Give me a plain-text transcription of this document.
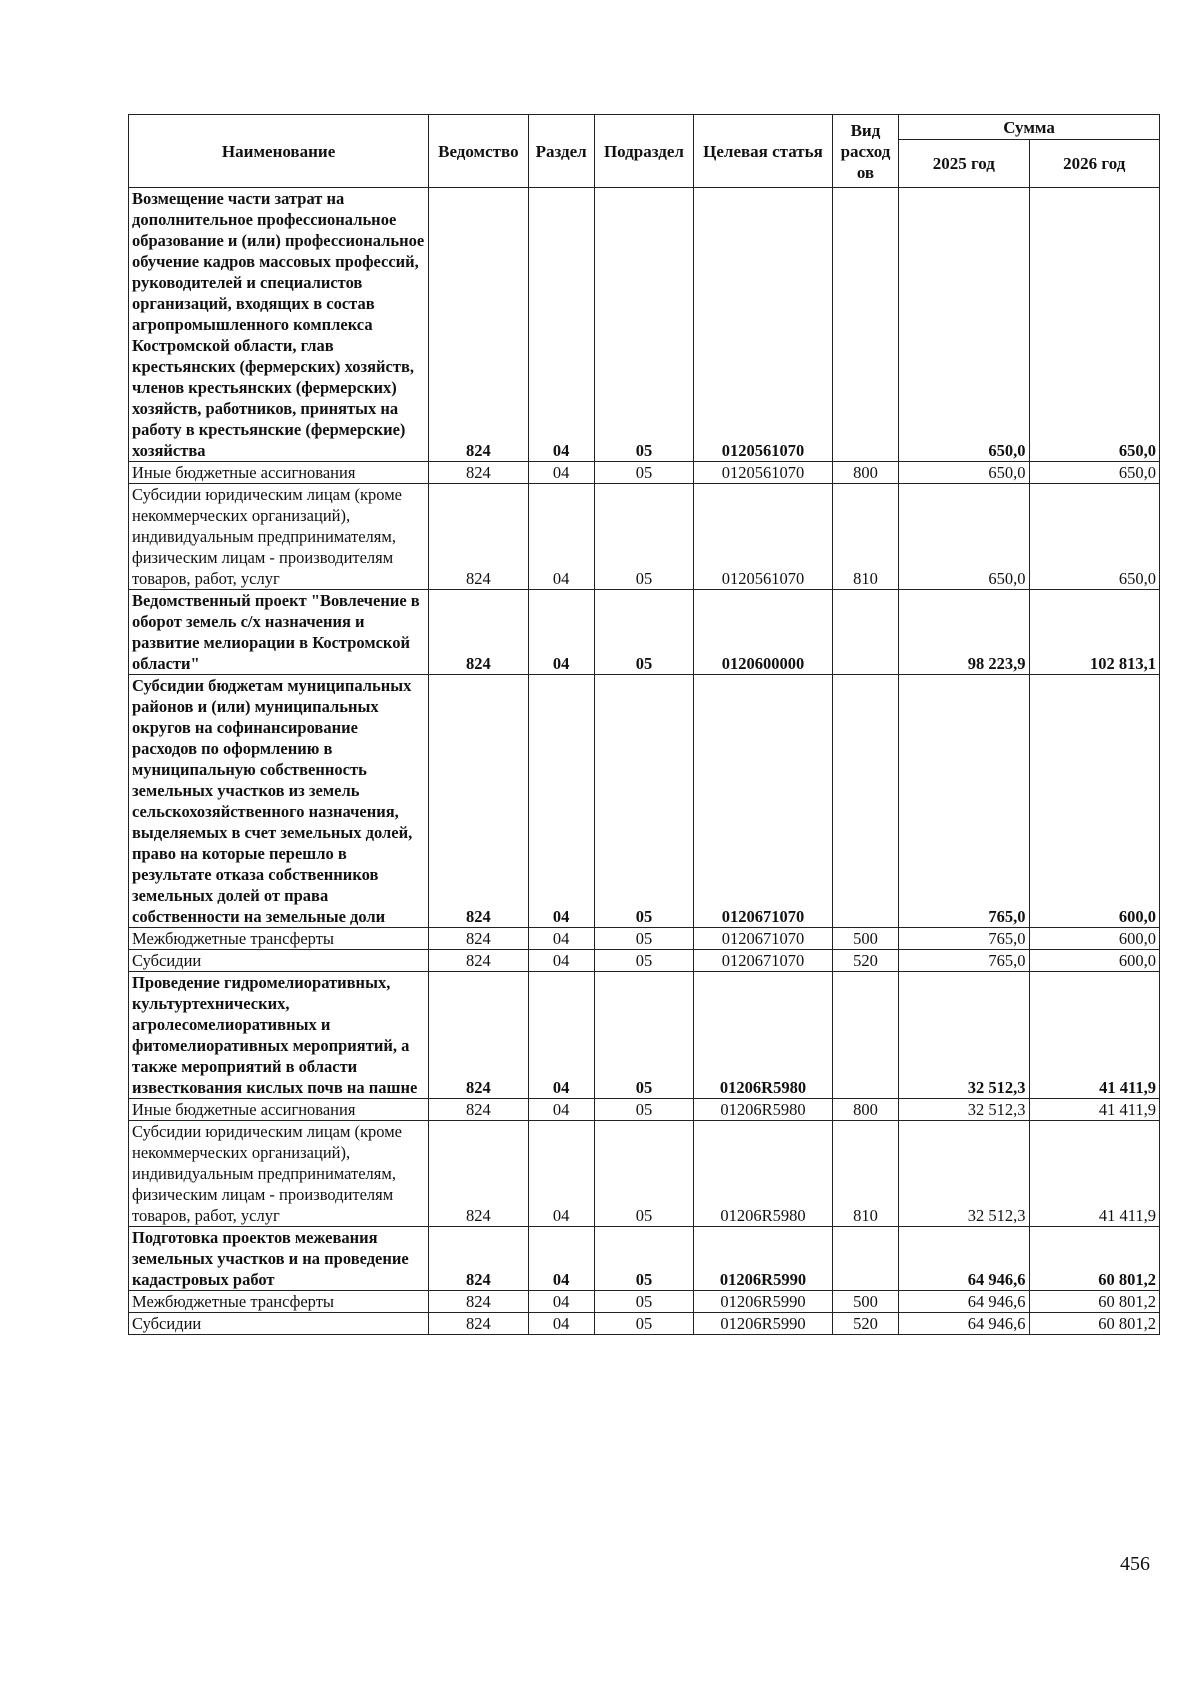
Наименование	Ведомство	Раздел	Подраздел	Целевая статья	Вид расход ов	Сумма	
						2025 год	2026 год
Возмещение части затрат на дополнительное профессиональное образование и (или) профессиональное обучение кадров массовых профессий, руководителей и специалистов организаций, входящих в состав агропромышленного комплекса Костромской области, глав крестьянских (фермерских) хозяйств, членов крестьянских (фермерских) хозяйств, работников, принятых на работу в крестьянские (фермерские) хозяйства	824	04	05	0120561070		650,0	650,0
Иные бюджетные ассигнования	824	04	05	0120561070	800	650,0	650,0
Субсидии юридическим лицам (кроме некоммерческих организаций), индивидуальным предпринимателям, физическим лицам - производителям товаров, работ, услуг	824	04	05	0120561070	810	650,0	650,0
Ведомственный проект "Вовлечение в оборот земель с/х назначения и развитие мелиорации в Костромской области"	824	04	05	0120600000		98 223,9	102 813,1
Субсидии бюджетам муниципальных районов и (или) муниципальных округов на софинансирование расходов по оформлению в муниципальную собственность земельных участков из земель сельскохозяйственного назначения, выделяемых в счет земельных долей, право на которые перешло в результате отказа собственников земельных долей от права собственности на земельные доли	824	04	05	0120671070		765,0	600,0
Межбюджетные трансферты	824	04	05	0120671070	500	765,0	600,0
Субсидии	824	04	05	0120671070	520	765,0	600,0
Проведение гидромелиоративных, культуртехнических, агролесомелиоративных и фитомелиоративных мероприятий, а также мероприятий в области известкования кислых почв на пашне	824	04	05	01206R5980		32 512,3	41 411,9
Иные бюджетные ассигнования	824	04	05	01206R5980	800	32 512,3	41 411,9
Субсидии юридическим лицам (кроме некоммерческих организаций), индивидуальным предпринимателям, физическим лицам - производителям товаров, работ, услуг	824	04	05	01206R5980	810	32 512,3	41 411,9
Подготовка проектов межевания земельных участков и на проведение кадастровых работ	824	04	05	01206R5990		64 946,6	60 801,2
Межбюджетные трансферты	824	04	05	01206R5990	500	64 946,6	60 801,2
Субсидии	824	04	05	01206R5990	520	64 946,6	60 801,2
456
